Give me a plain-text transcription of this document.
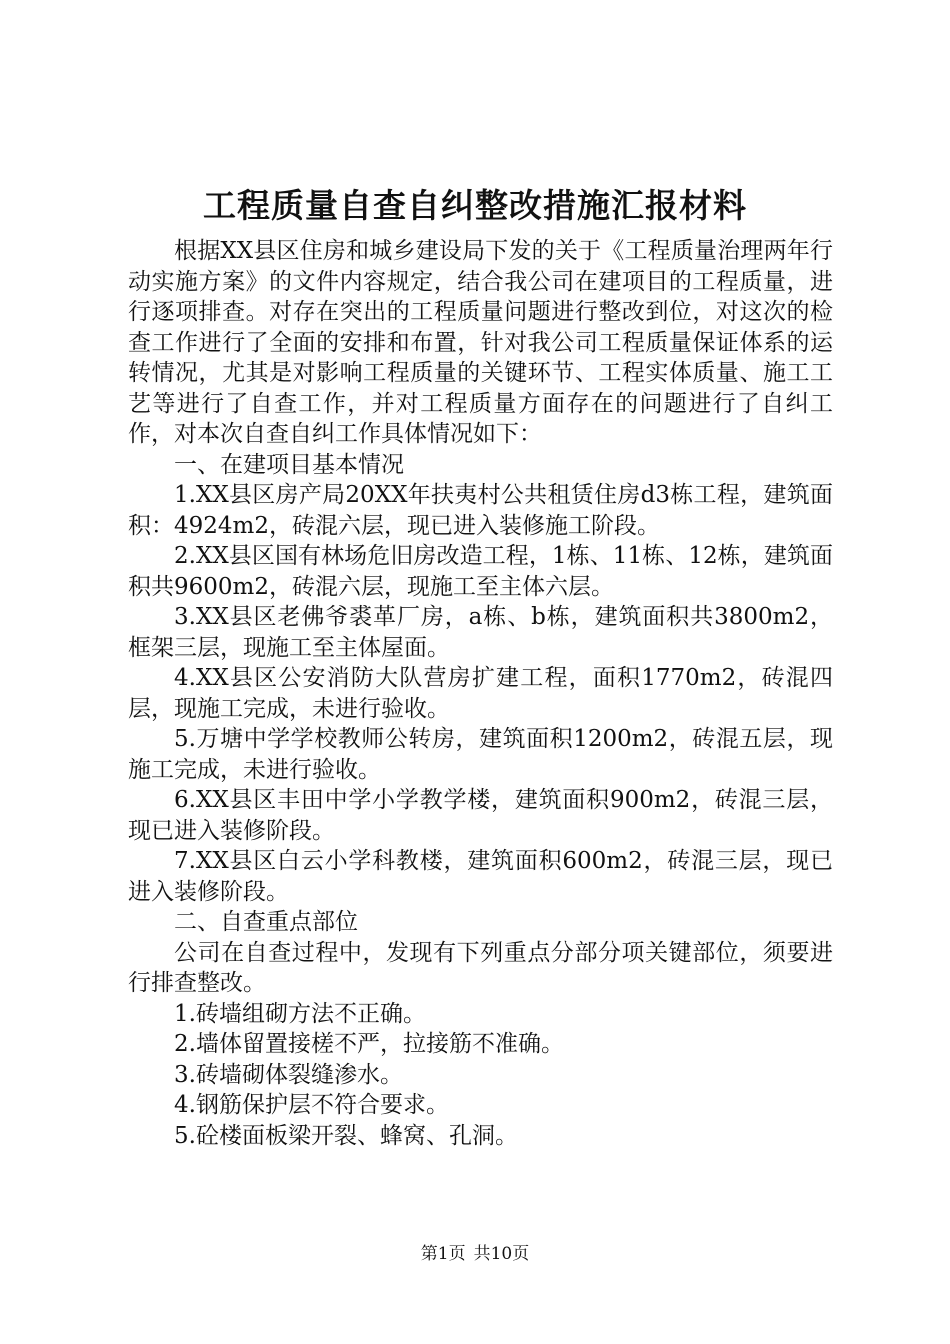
工程质量自查自纠整改措施汇报材料

根据XX县区住房和城乡建设局下发的关于《工程质量治理两年行动实施方案》的文件内容规定，结合我公司在建项目的工程质量，进行逐项排查。对存在突出的工程质量问题进行整改到位，对这次的检查工作进行了全面的安排和布置，针对我公司工程质量保证体系的运转情况，尤其是对影响工程质量的关键环节、工程实体质量、施工工艺等进行了自查工作，并对工程质量方面存在的问题进行了自纠工作，对本次自查自纠工作具体情况如下：

一、在建项目基本情况

1.XX县区房产局20XX年扶夷村公共租赁住房d3栋工程，建筑面积：4924m2，砖混六层，现已进入装修施工阶段。

2.XX县区国有林场危旧房改造工程，1栋、11栋、12栋，建筑面积共9600m2，砖混六层，现施工至主体六层。

3.XX县区老佛爷裘革厂房，a栋、b栋，建筑面积共3800m2，框架三层，现施工至主体屋面。

4.XX县区公安消防大队营房扩建工程，面积1770m2，砖混四层，现施工完成，未进行验收。

5.万塘中学学校教师公转房，建筑面积1200m2，砖混五层，现施工完成，未进行验收。

6.XX县区丰田中学小学教学楼，建筑面积900m2，砖混三层，现已进入装修阶段。

7.XX县区白云小学科教楼，建筑面积600m2，砖混三层，现已进入装修阶段。

二、自查重点部位

公司在自查过程中，发现有下列重点分部分项关键部位，须要进行排查整改。

1.砖墙组砌方法不正确。

2.墙体留置接槎不严，拉接筋不准确。

3.砖墙砌体裂缝渗水。

4.钢筋保护层不符合要求。

5.砼楼面板梁开裂、蜂窝、孔洞。

第1页 共10页
